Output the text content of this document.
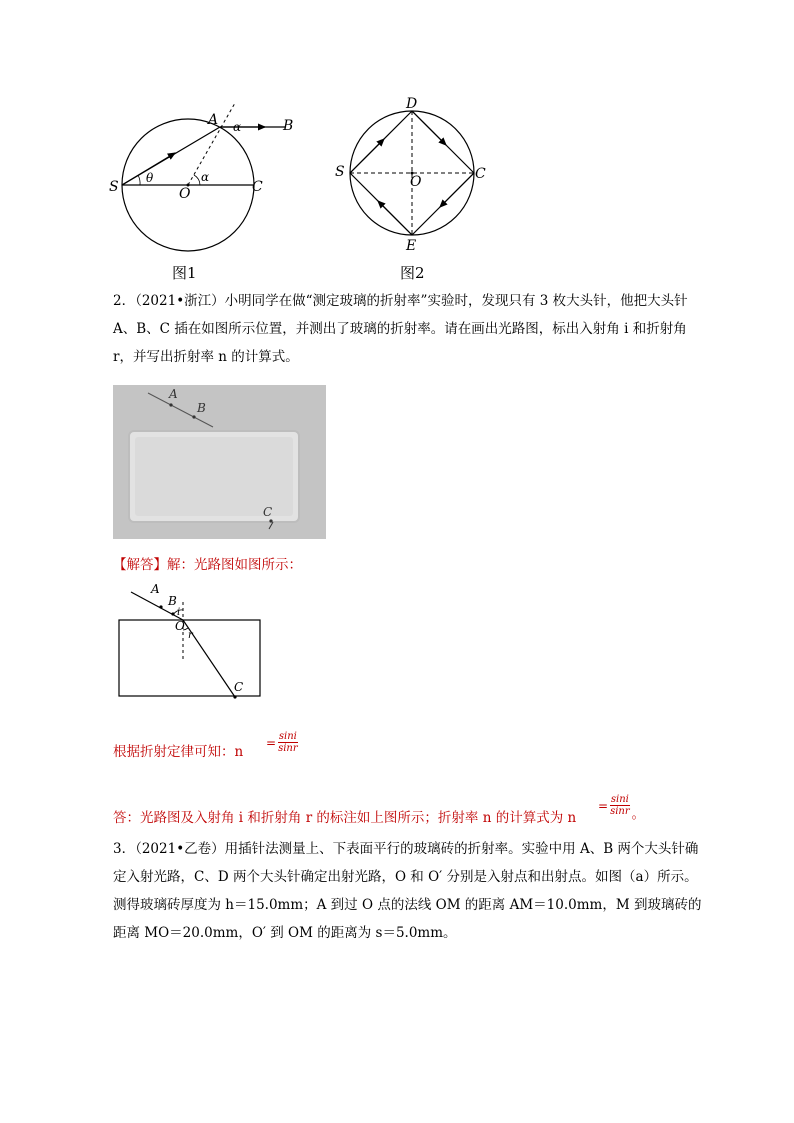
A α	B
S
θ
O
α
C
图1
D
S
O	C
E
图2
2．（2021•浙江）小明同学在做“测定玻璃的折射率”实验时，发现只有 3 枚大头针，他把大头针 A、B、C 插在如图所示位置，并测出了玻璃的折射率。请在画出光路图，标出入射角 i 和折射角 r，并写出折射率 n 的计算式。
A
B
C
【解答】解：光路图如图所示：
A
B
i
O
r
C
根据折射定律可知：n
= $\frac{\sin i}{\sin r}$
答：光路图及入射角 i 和折射角 r 的标注如上图所示；折射率 n 的计算式为 n
= $\frac{\sin i}{\sin r}$ 。
3．（2021•乙卷）用插针法测量上、下表面平行的玻璃砖的折射率。实验中用 A、B 两个大头针确定入射光路，C、D 两个大头针确定出射光路，O 和 O′ 分别是入射点和出射点。如图（a）所示。测得玻璃砖厚度为 h＝15.0mm；A 到过 O 点的法线 OM 的距离 AM＝10.0mm，M 到玻璃砖的距离 MO＝20.0mm，O′ 到 OM 的距离为 s＝5.0mm。
